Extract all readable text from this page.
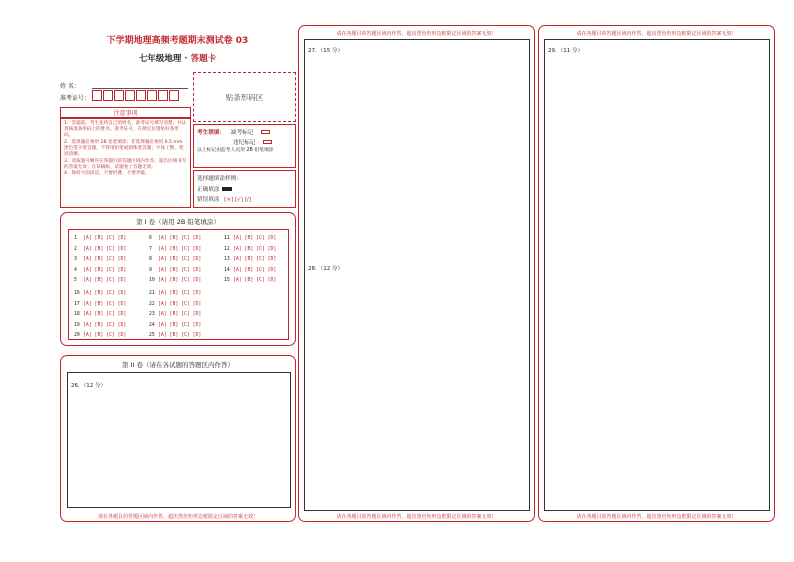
下学期地理高频考题期末测试卷 03
七年级地理 · 答题卡
姓 名：
准考证号：	贴条形码区
注意事项

1．答题前，考生先将自己的姓名，准考证号填写清楚，并认真核准条形码上的姓名、准考证号，在规定位置贴好条形码。

2．选择题必须用 2B 铅笔填涂；非选择题必须用 0.5 mm 黑色签字笔答题，不得用铅笔或圆珠笔答题；字体工整、笔迹清晰。

3．请按题号顺序在各题目的答题区域内作答，超出区域书写的答案无效；在草稿纸、试题卷上答题无效。

4．保持卡面清洁，不要折叠、不要弄破。

考生禁填： 缺考标记
违纪标记
以上标记由监考人员用 2B 铅笔填涂
选择题填涂样例：
正确填涂
错误填涂 [×] [√] [/]
第 I 卷（请用 2B 铅笔填涂）
1 [A] [B] [C] [D]
2 [A] [B] [C] [D]
3 [A] [B] [C] [D]
4 [A] [B] [C] [D]
5 [A] [B] [C] [D]
16 [A] [B] [C] [D]
17 [A] [B] [C] [D]
18 [A] [B] [C] [D]
19 [A] [B] [C] [D]
20 [A] [B] [C] [D]
6 [A] [B] [C] [D]
7 [A] [B] [C] [D]
8 [A] [B] [C] [D]
9 [A] [B] [C] [D]
10 [A] [B] [C] [D]
21 [A] [B] [C] [D]
22 [A] [B] [C] [D]
23 [A] [B] [C] [D]
24 [A] [B] [C] [D]
25 [A] [B] [C] [D]
11 [A] [B] [C] [D]
12 [A] [B] [C] [D]
13 [A] [B] [C] [D]
14 [A] [B] [C] [D]
15 [A] [B] [C] [D]
第 II 卷（请在各试题的答题区内作答）
26．（12 分）
请在各题目的答题区域内作答，超出黑色矩形边框限定区域的答案无效！
请在各题目的答题区域内作答，超出黑色矩形边框限定区域的答案无效！
27．（15 分）
28．（12 分）
请在各题目的答题区域内作答，超出黑色矩形边框限定区域的答案无效！
请在各题目的答题区域内作答，超出黑色矩形边框限定区域的答案无效！
29．（11 分）
请在各题目的答题区域内作答，超出黑色矩形边框限定区域的答案无效！
